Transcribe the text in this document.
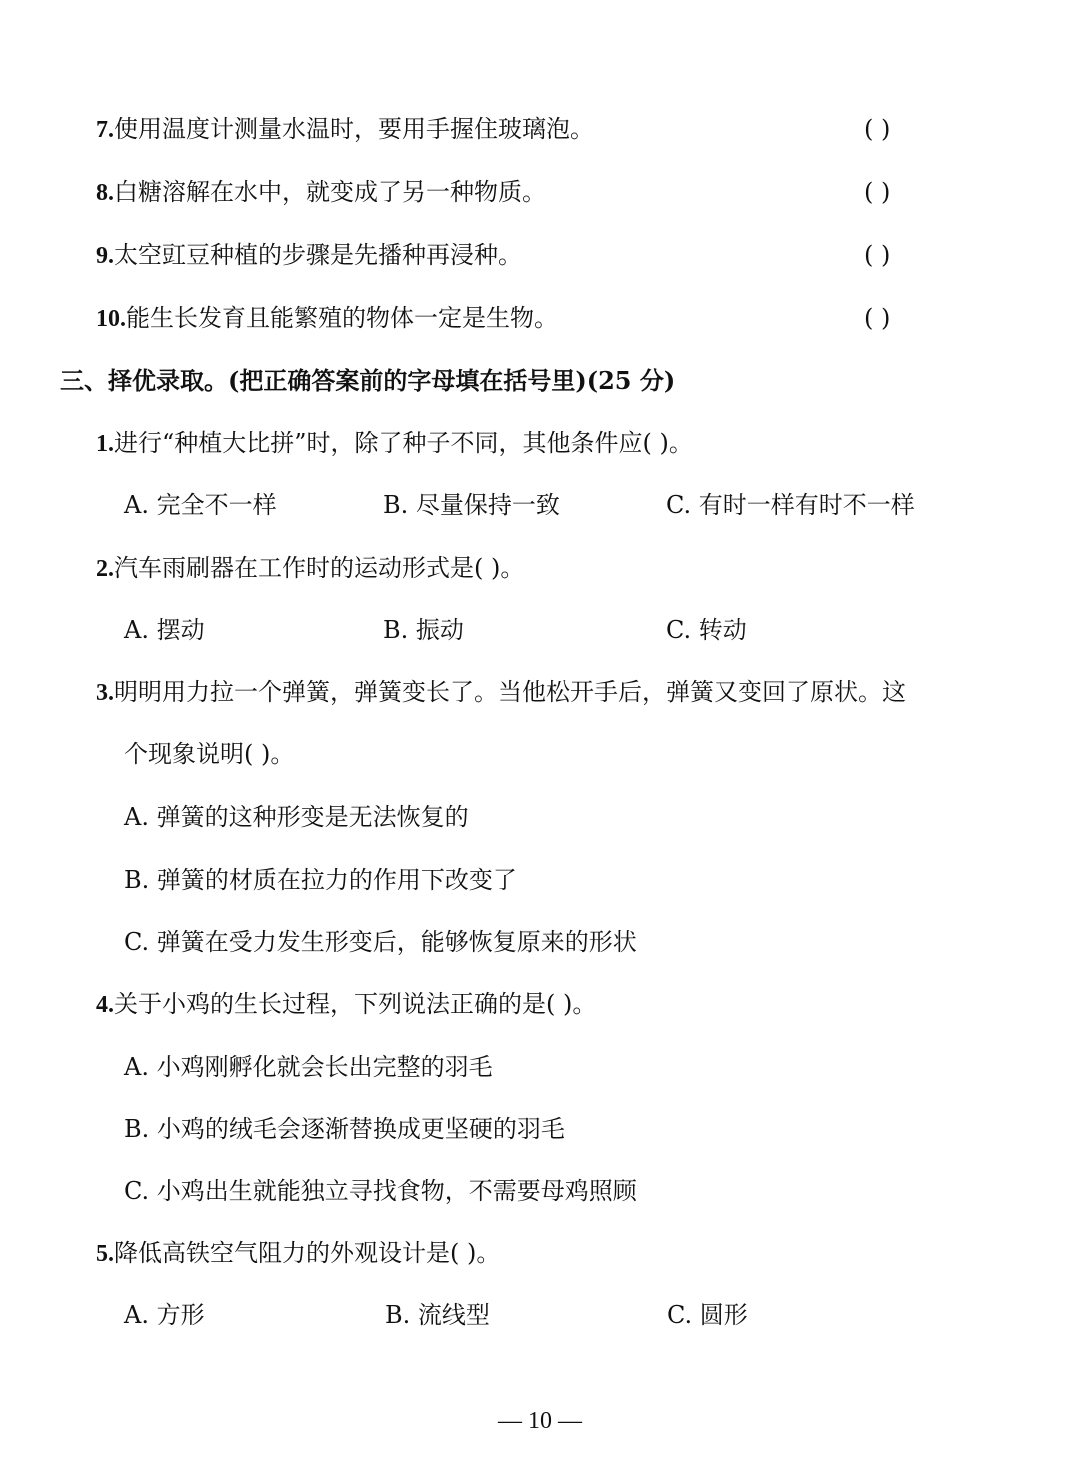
7.使用温度计测量水温时，要用手握住玻璃泡。	( )
8.白糖溶解在水中，就变成了另一种物质。	( )
9.太空豇豆种植的步骤是先播种再浸种。	( )
10.能生长发育且能繁殖的物体一定是生物。	( )
三、择优录取。(把正确答案前的字母填在括号里)(25 分)
1.进行“种植大比拼”时，除了种子不同，其他条件应( )。
A. 完全不一样	B. 尽量保持一致	C. 有时一样有时不一样
2.汽车雨刷器在工作时的运动形式是( )。
A. 摆动	B. 振动	C. 转动
3.明明用力拉一个弹簧，弹簧变长了。当他松开手后，弹簧又变回了原状。这
个现象说明( )。
A. 弹簧的这种形变是无法恢复的
B. 弹簧的材质在拉力的作用下改变了
C. 弹簧在受力发生形变后，能够恢复原来的形状
4.关于小鸡的生长过程，下列说法正确的是( )。
A. 小鸡刚孵化就会长出完整的羽毛
B. 小鸡的绒毛会逐渐替换成更坚硬的羽毛
C. 小鸡出生就能独立寻找食物，不需要母鸡照顾
5.降低高铁空气阻力的外观设计是( )。
A. 方形	B. 流线型	C. 圆形
— 10 —
